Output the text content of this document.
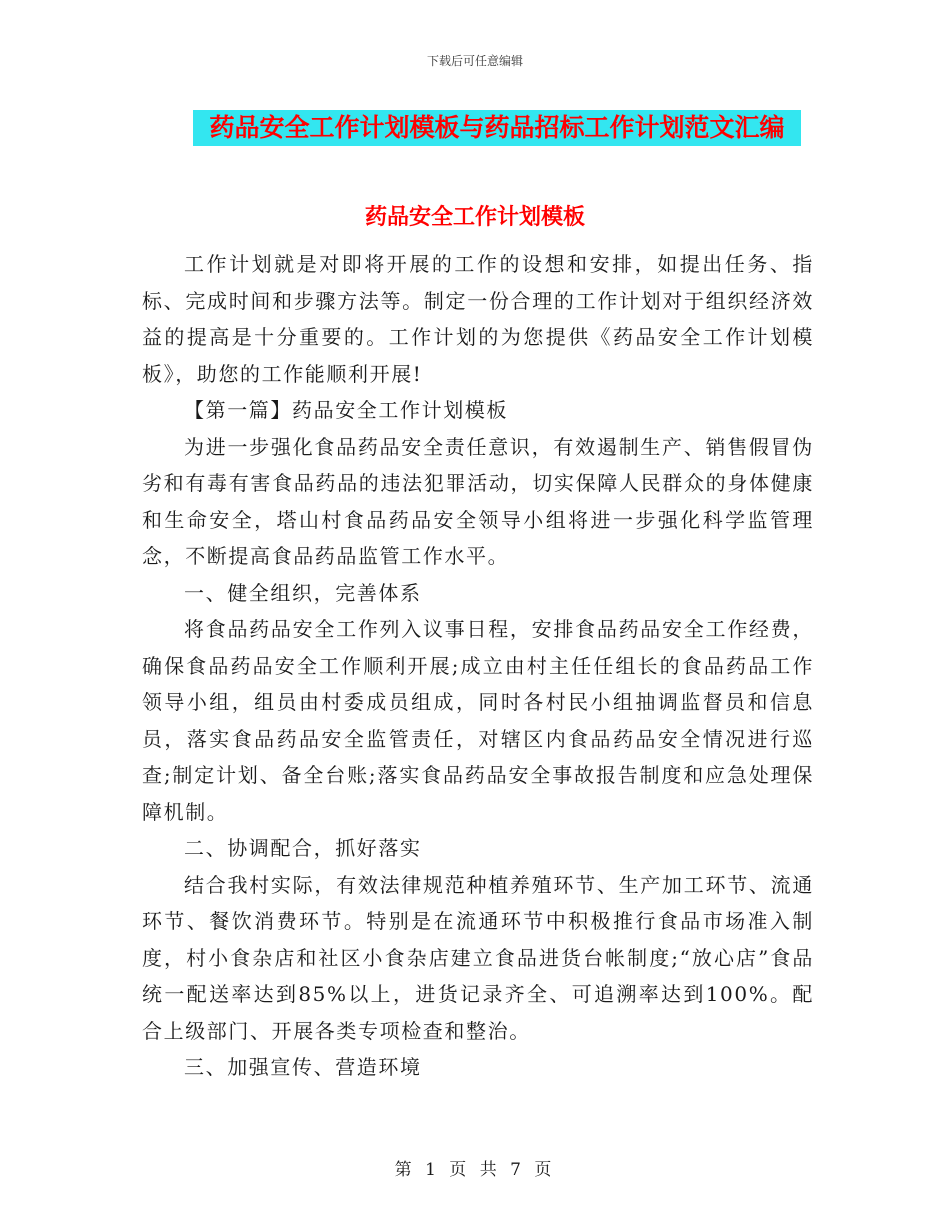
下载后可任意编辑
药品安全工作计划模板与药品招标工作计划范文汇编
药品安全工作计划模板

工作计划就是对即将开展的工作的设想和安排，如提出任务、指标、完成时间和步骤方法等。制定一份合理的工作计划对于组织经济效益的提高是十分重要的。工作计划的为您提供《药品安全工作计划模板》，助您的工作能顺利开展!

【第一篇】药品安全工作计划模板

为进一步强化食品药品安全责任意识，有效遏制生产、销售假冒伪劣和有毒有害食品药品的违法犯罪活动，切实保障人民群众的身体健康和生命安全，塔山村食品药品安全领导小组将进一步强化科学监管理念，不断提高食品药品监管工作水平。

一、健全组织，完善体系

将食品药品安全工作列入议事日程，安排食品药品安全工作经费，确保食品药品安全工作顺利开展;成立由村主任任组长的食品药品工作领导小组，组员由村委成员组成，同时各村民小组抽调监督员和信息员，落实食品药品安全监管责任，对辖区内食品药品安全情况进行巡查;制定计划、备全台账;落实食品药品安全事故报告制度和应急处理保障机制。

二、协调配合，抓好落实

结合我村实际，有效法律规范种植养殖环节、生产加工环节、流通环节、餐饮消费环节。特别是在流通环节中积极推行食品市场准入制度，村小食杂店和社区小食杂店建立食品进货台帐制度;“放心店”食品统一配送率达到85%以上，进货记录齐全、可追溯率达到100%。配合上级部门、开展各类专项检查和整治。

三、加强宣传、营造环境

第 1 页 共 7 页
